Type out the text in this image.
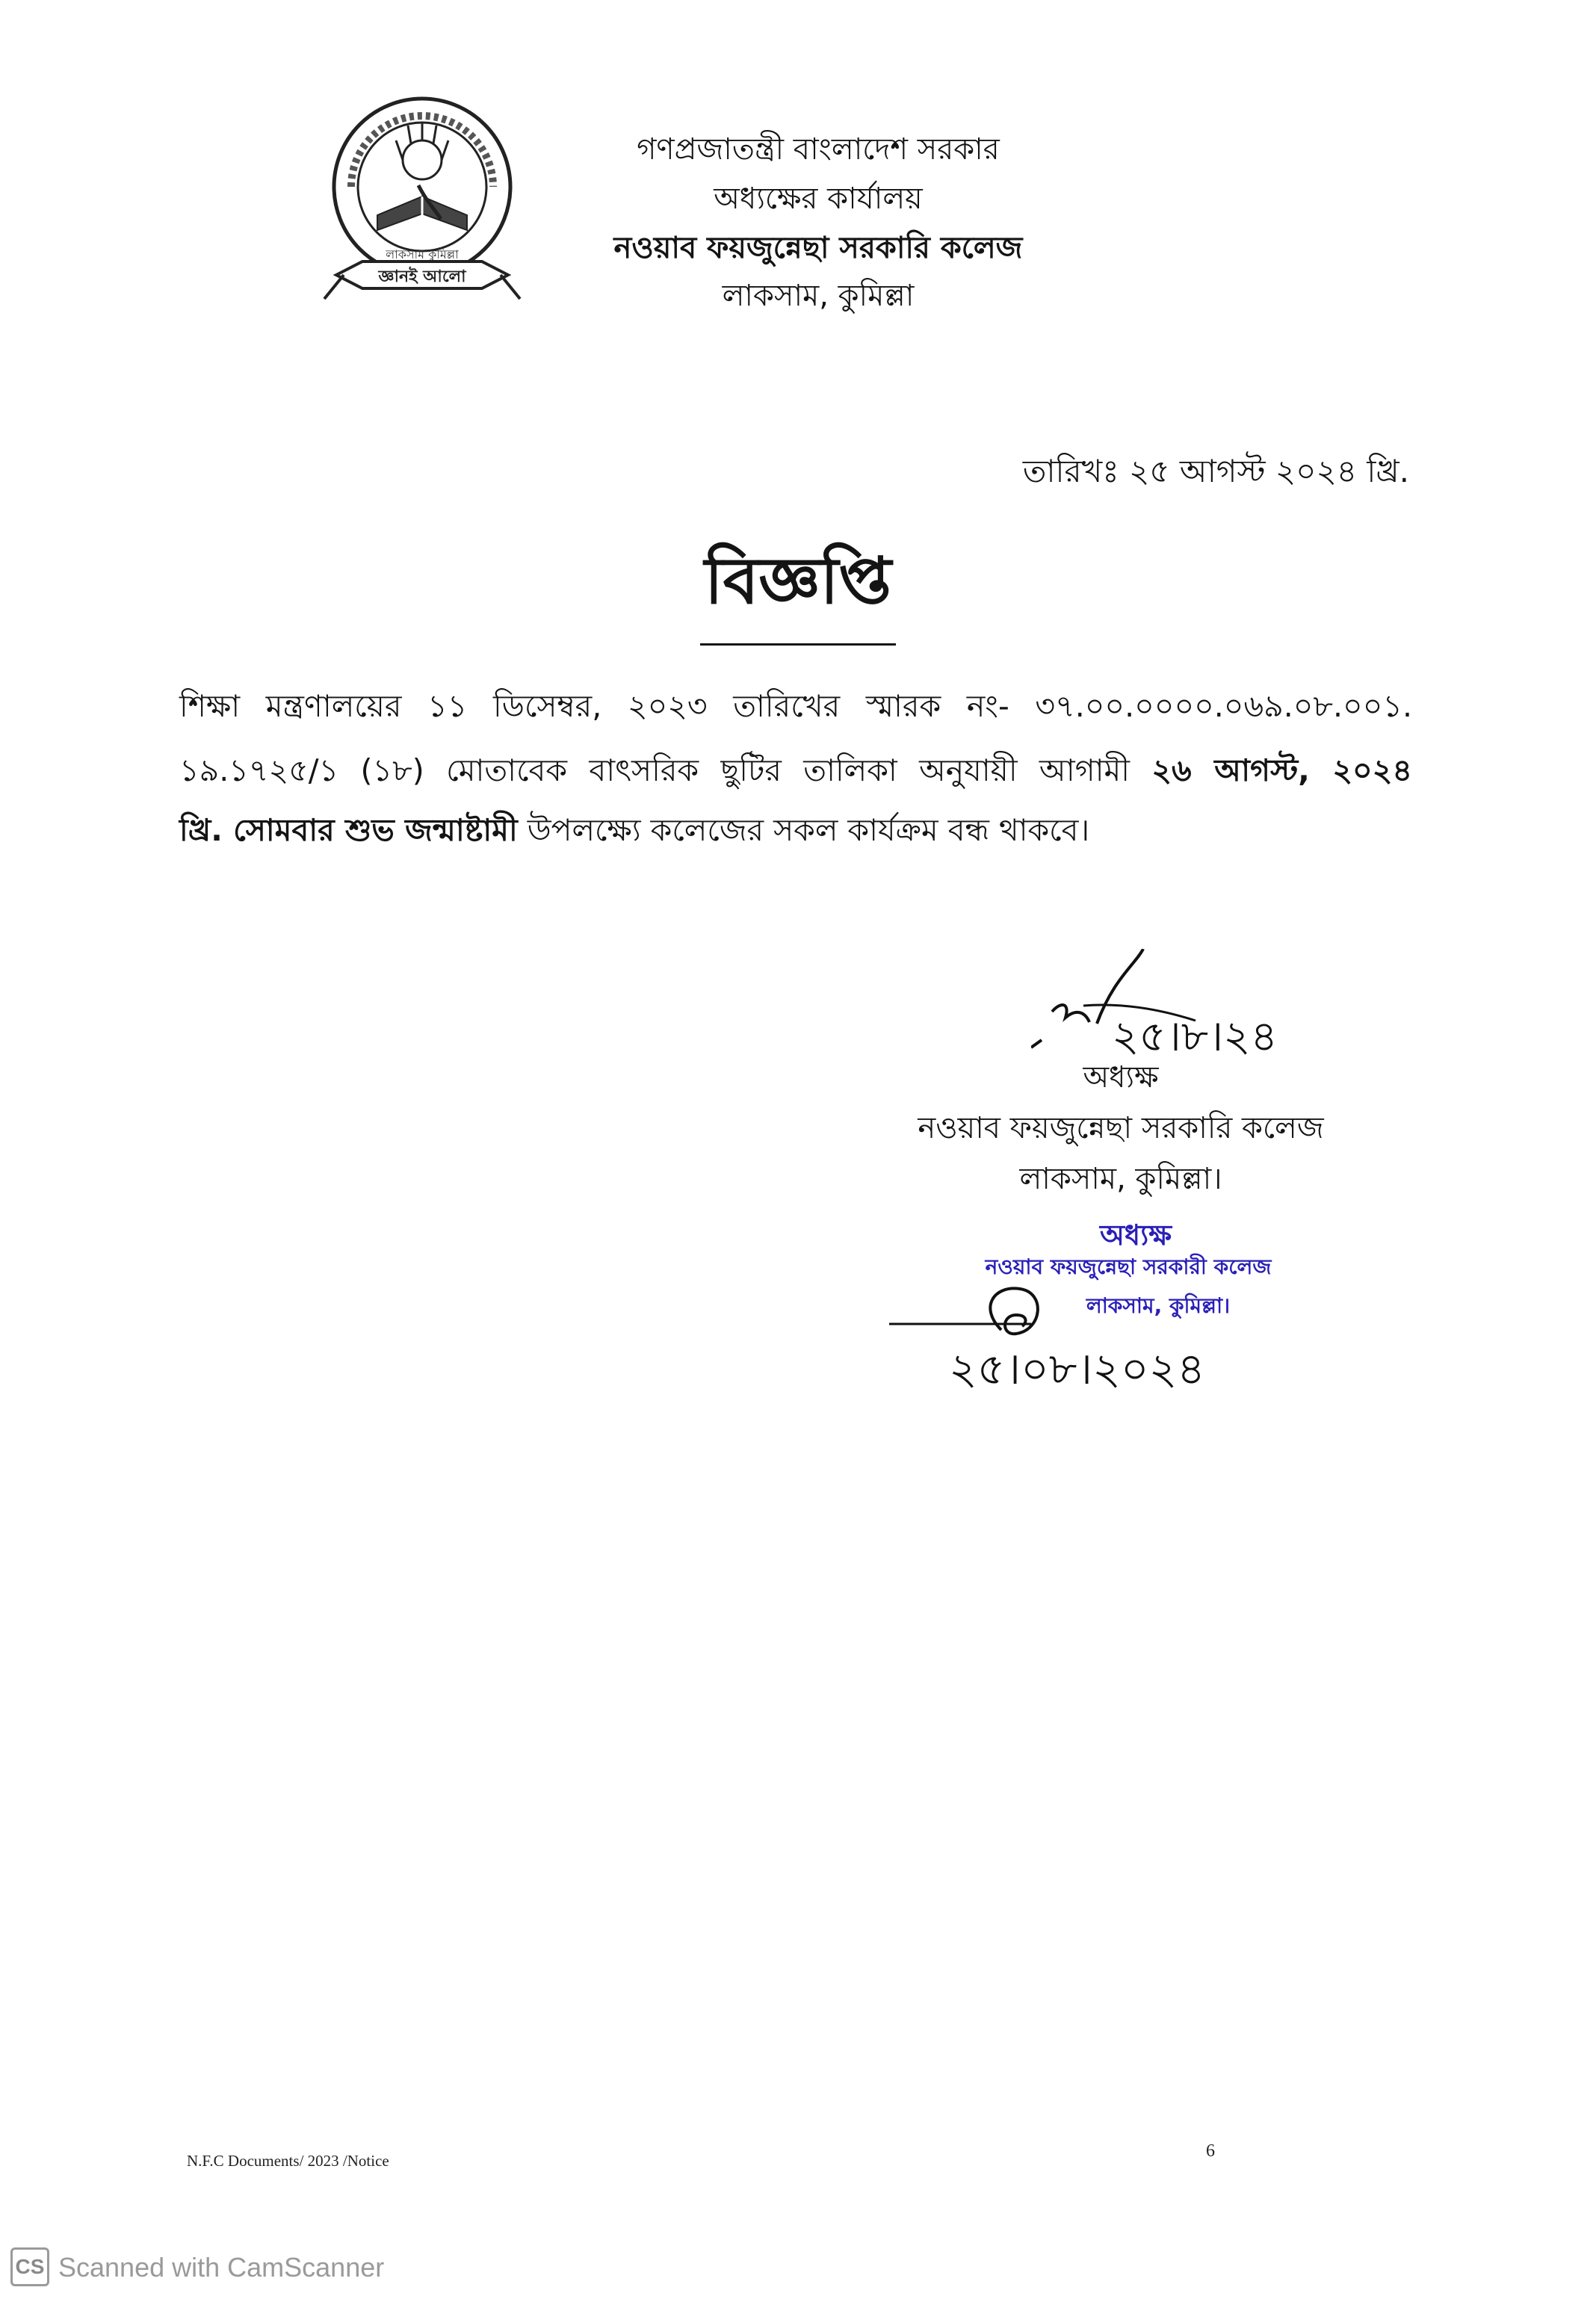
লাকসাম কুমিল্লা
জ্ঞানই আলো
গণপ্রজাতন্ত্রী বাংলাদেশ সরকার
অধ্যক্ষের কার্যালয়
নওয়াব ফয়জুন্নেছা সরকারি কলেজ
লাকসাম, কুমিল্লা
তারিখঃ ২৫ আগস্ট ২০২৪ খ্রি.
বিজ্ঞপ্তি
শিক্ষা মন্ত্রণালয়ের ১১ ডিসেম্বর, ২০২৩ তারিখের স্মারক নং- ৩৭.০০.০০০০.০৬৯.০৮.০০১.
১৯.১৭২৫/১ (১৮) মোতাবেক বাৎসরিক ছুটির তালিকা অনুযায়ী আগামী ২৬ আগস্ট, ২০২৪
খ্রি. সোমবার শুভ জন্মাষ্টামী উপলক্ষ্যে কলেজের সকল কার্যক্রম বন্ধ থাকবে।
২৫।৮।২৪
অধ্যক্ষ
নওয়াব ফয়জুন্নেছা সরকারি কলেজ
লাকসাম, কুমিল্লা।
অধ্যক্ষ
নওয়াব ফয়জুন্নেছা সরকারী কলেজ
লাকসাম, কুমিল্লা।
২৫।০৮।২০২৪
N.F.C Documents/ 2023 /Notice	6
CS Scanned with CamScanner
